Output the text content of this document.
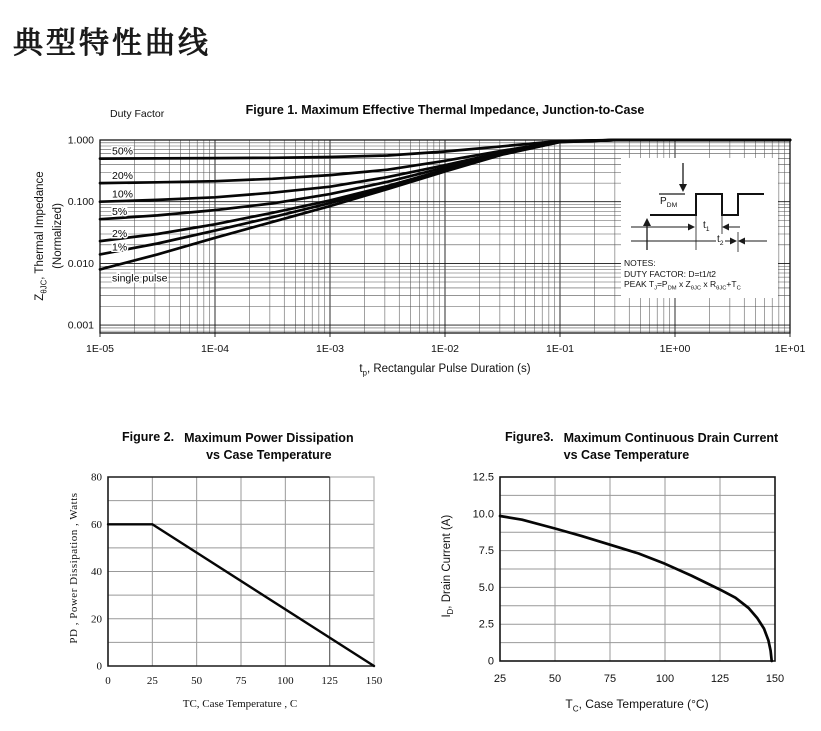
典型特性曲线
Figure 1. Maximum Effective Thermal Impedance, Junction-to-Case
Duty Factor
50%
20%
10%
5%
2%
1%
single pulse
1E-05	1E-04	1E-03	1E-02	1E-01	1E+00	1E+01
1.000
0.100
0.010
0.001
$Z_{\theta JC}$, Thermal Impedance (Normalized)
$t_p$, Rectangular Pulse Duration (s)
$P_{DM}$
$t_1$
$t_2$
NOTES:
DUTY FACTOR: D=t1/t2
PEAK $T_J=P_{DM}$ x $Z_{\theta JC}$ x $R_{\theta JC}+T_C$
Figure 2. Maximum Power Dissipation
vs Case Temperature
0	25	50	75	100	125	150
80
60
40
20
0
PD , Power Dissipation , Watts
TC, Case Temperature , C
Figure3. Maximum Continuous Drain Current
vs Case Temperature
25	50	75	100	125	150
12.5
10.0
7.5
5.0
2.5
0
$I_D$, Drain Current (A)
$T_C$, Case Temperature (°C)
